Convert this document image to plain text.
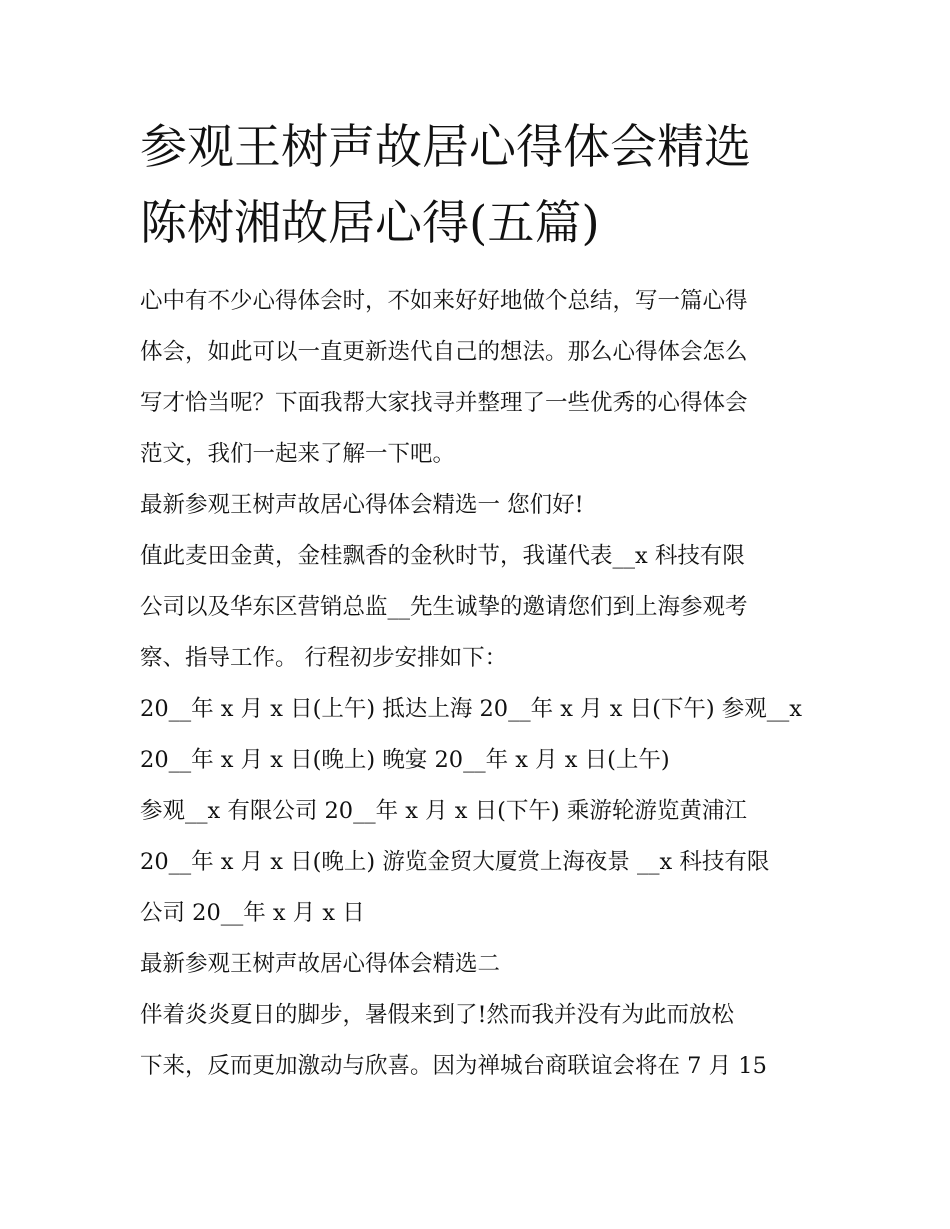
参观王树声故居心得体会精选
陈树湘故居心得(五篇)
心中有不少心得体会时，不如来好好地做个总结，写一篇心得
体会，如此可以一直更新迭代自己的想法。那么心得体会怎么
写才恰当呢？下面我帮大家找寻并整理了一些优秀的心得体会
范文，我们一起来了解一下吧。
最新参观王树声故居心得体会精选一 您们好!
值此麦田金黄，金桂飘香的金秋时节，我谨代表__x 科技有限
公司以及华东区营销总监__先生诚挚的邀请您们到上海参观考
察、指导工作。 行程初步安排如下：
20__年 x 月 x 日(上午) 抵达上海 20__年 x 月 x 日(下午) 参观__x
20__年 x 月 x 日(晚上) 晚宴 20__年 x 月 x 日(上午)
参观__x 有限公司 20__年 x 月 x 日(下午) 乘游轮游览黄浦江
20__年 x 月 x 日(晚上) 游览金贸大厦赏上海夜景 __x 科技有限
公司 20__年 x 月 x 日
最新参观王树声故居心得体会精选二
伴着炎炎夏日的脚步，暑假来到了!然而我并没有为此而放松
下来，反而更加激动与欣喜。因为禅城台商联谊会将在 7 月 15
